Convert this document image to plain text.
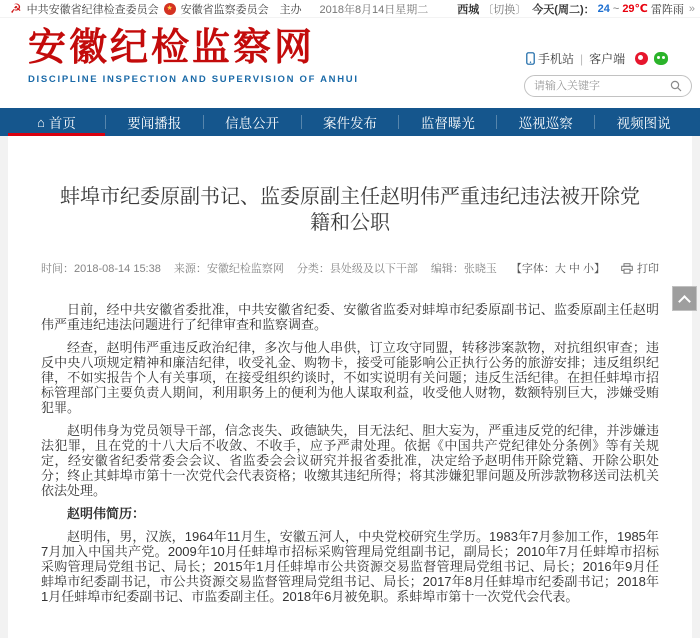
☭ 中共安徽省纪律检查委员会	★ 安徽省监察委员会 主办 2018年8月14日星期二	西城 〔切换〕 今天(周二)： 24 ~ 29℃ 雷阵雨 »
安徽纪检监察网
DISCIPLINE INSPECTION AND SUPERVISION OF ANHUI
手机站 | 客户端
请输入关键字
⌂ 首页	要闻播报	信息公开	案件发布	监督曝光	巡视巡察	视频图说
蚌埠市纪委原副书记、监委原副主任赵明伟严重违纪违法被开除党籍和公职
时间：2018-08-14 15:38 来源：安徽纪检监察网 分类：县处级及以下干部 编辑：张晓玉 【字体：大 中 小】	打印

日前，经中共安徽省委批准，中共安徽省纪委、安徽省监委对蚌埠市纪委原副书记、监委原副主任赵明伟严重违纪违法问题进行了纪律审查和监察调查。

经查，赵明伟严重违反政治纪律，多次与他人串供，订立攻守同盟，转移涉案款物，对抗组织审查；违反中央八项规定精神和廉洁纪律，收受礼金、购物卡，接受可能影响公正执行公务的旅游安排；违反组织纪律，不如实报告个人有关事项，在接受组织约谈时，不如实说明有关问题；违反生活纪律。在担任蚌埠市招标管理部门主要负责人期间，利用职务上的便利为他人谋取利益，收受他人财物，数额特别巨大，涉嫌受贿犯罪。

赵明伟身为党员领导干部，信念丧失、政德缺失，目无法纪、胆大妄为，严重违反党的纪律，并涉嫌违法犯罪，且在党的十八大后不收敛、不收手，应予严肃处理。依据《中国共产党纪律处分条例》等有关规定，经安徽省纪委常委会会议、省监委会会议研究并报省委批准，决定给予赵明伟开除党籍、开除公职处分；终止其蚌埠市第十一次党代会代表资格；收缴其违纪所得；将其涉嫌犯罪问题及所涉款物移送司法机关依法处理。

赵明伟简历：

赵明伟，男，汉族，1964年11月生，安徽五河人，中央党校研究生学历。1983年7月参加工作，1985年7月加入中国共产党。2009年10月任蚌埠市招标采购管理局党组副书记，副局长；2010年7月任蚌埠市招标采购管理局党组书记、局长；2015年1月任蚌埠市公共资源交易监督管理局党组书记、局长；2016年9月任蚌埠市纪委副书记，市公共资源交易监督管理局党组书记、局长；2017年8月任蚌埠市纪委副书记；2018年1月任蚌埠市纪委副书记、市监委副主任。2018年6月被免职。系蚌埠市第十一次党代会代表。
